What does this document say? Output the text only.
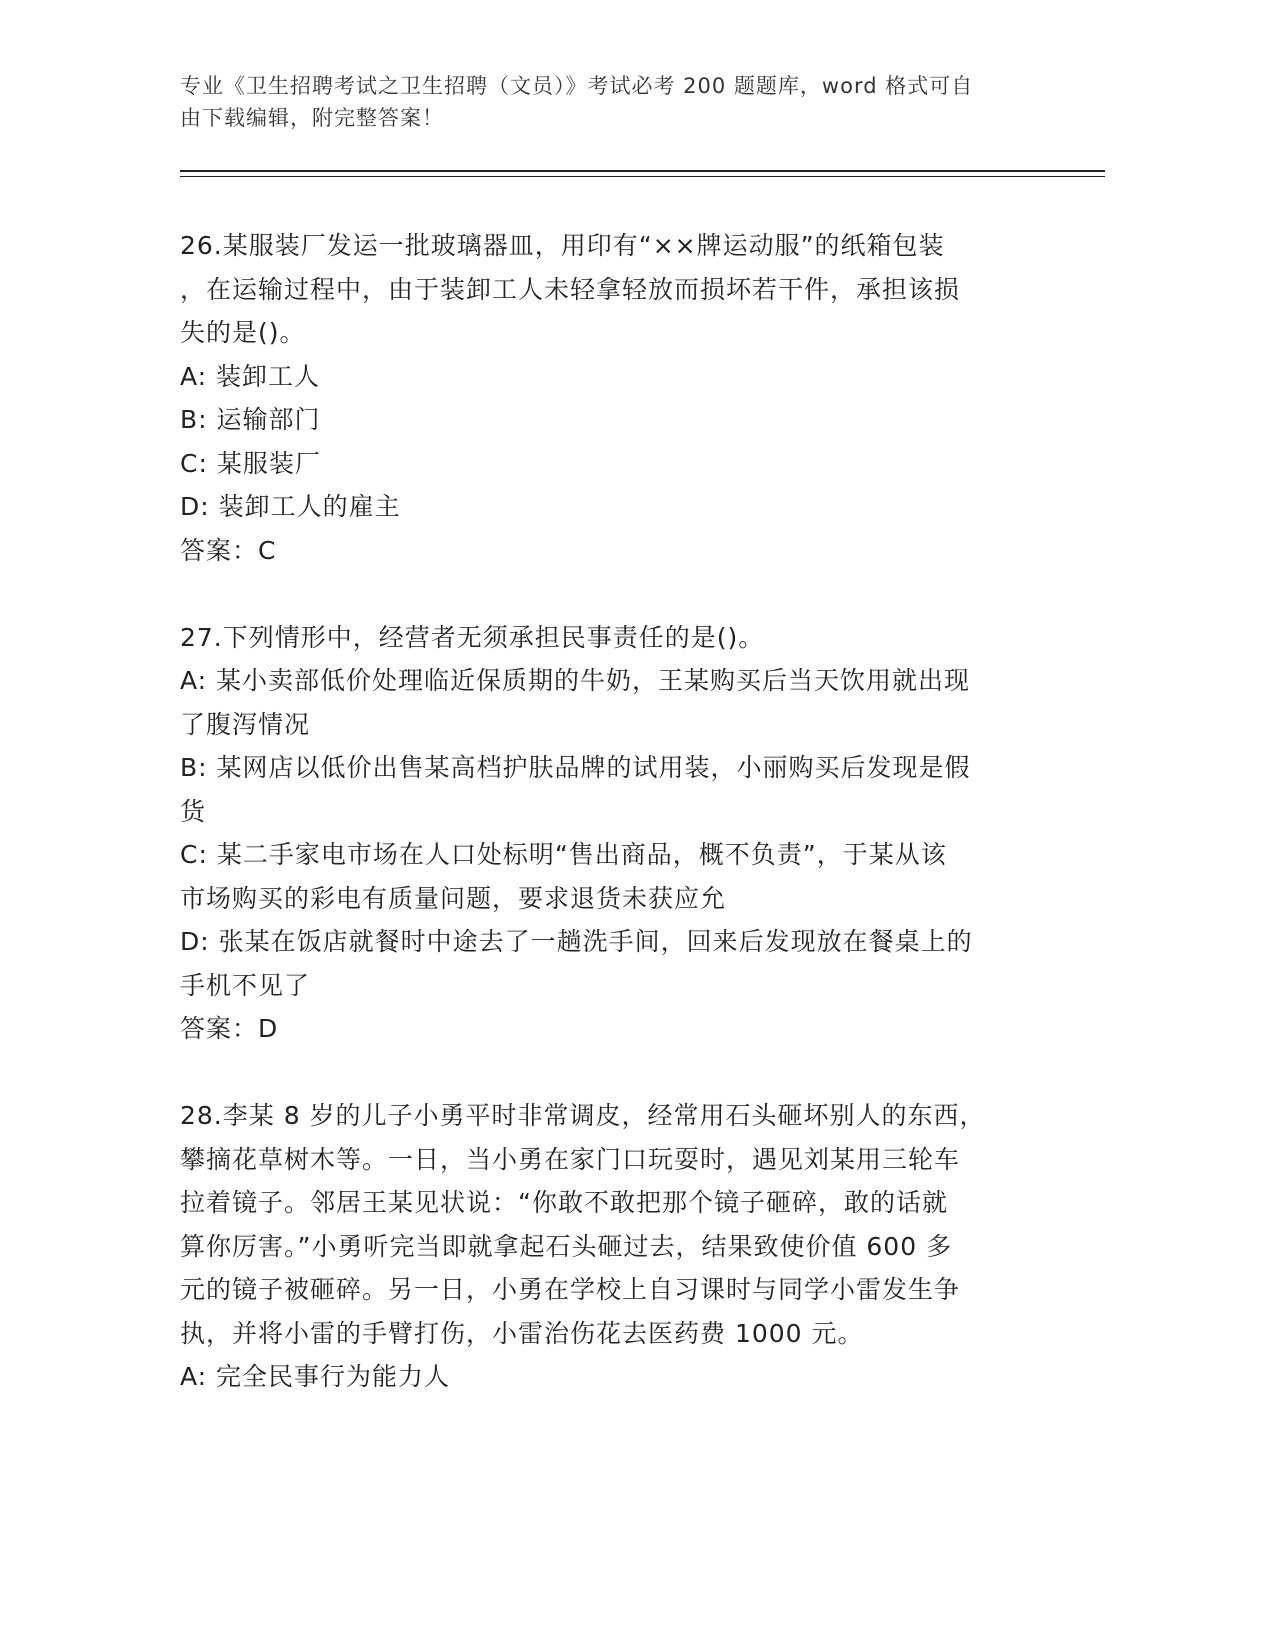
专业《卫生招聘考试之卫生招聘（文员）》考试必考 200 题题库，word 格式可自
由下载编辑，附完整答案！

26.某服装厂发运一批玻璃器皿，用印有“××牌运动服”的纸箱包装

，在运输过程中，由于装卸工人未轻拿轻放而损坏若干件，承担该损

失的是()。

A: 装卸工人

B: 运输部门

C: 某服装厂

D: 装卸工人的雇主

答案：C

27.下列情形中，经营者无须承担民事责任的是()。

A: 某小卖部低价处理临近保质期的牛奶，王某购买后当天饮用就出现

了腹泻情况

B: 某网店以低价出售某高档护肤品牌的试用装，小丽购买后发现是假

货

C: 某二手家电市场在人口处标明“售出商品，概不负责”，于某从该

市场购买的彩电有质量问题，要求退货未获应允

D: 张某在饭店就餐时中途去了一趟洗手间，回来后发现放在餐桌上的

手机不见了

答案：D

28.李某 8 岁的儿子小勇平时非常调皮，经常用石头砸坏别人的东西，

攀摘花草树木等。一日，当小勇在家门口玩耍时，遇见刘某用三轮车

拉着镜子。邻居王某见状说：“你敢不敢把那个镜子砸碎，敢的话就

算你厉害。”小勇听完当即就拿起石头砸过去，结果致使价值 600 多

元的镜子被砸碎。另一日，小勇在学校上自习课时与同学小雷发生争

执，并将小雷的手臂打伤，小雷治伤花去医药费 1000 元。

A: 完全民事行为能力人
